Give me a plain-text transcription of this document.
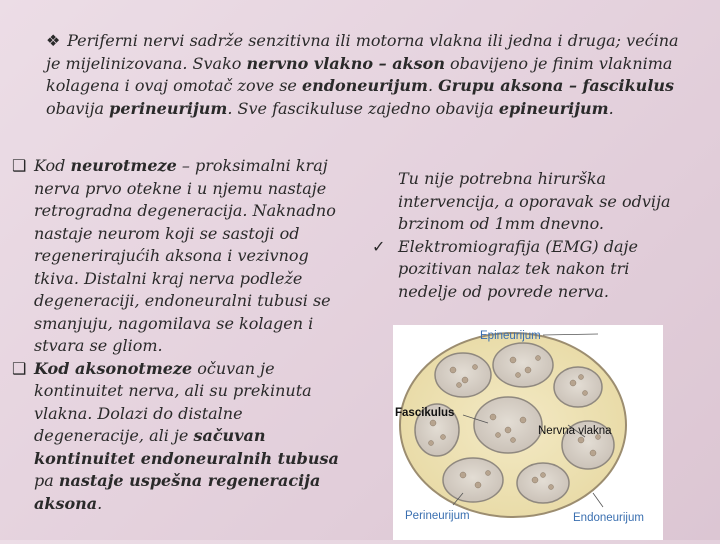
❖ Periferni nervi sadrže senzitivna ili motorna vlakna ili jedna i druga; većina je mijelinizovana. Svako nervno vlakno – akson obavijeno je finim vlaknima kolagena i ovaj omotač zove se endoneurijum. Grupu aksona – fascikulus obavija perineurijum. Sve fascikuluse zajedno obavija epineurijum.
❑ Kod neurotmeze – proksimalni kraj nerva prvo otekne i u njemu nastaje retrogradna degeneracija. Naknadno nastaje neurom koji se sastoji od regenerirajućih aksona i vezivnog tkiva. Distalni kraj nerva podleže degeneraciji, endoneuralni tubusi se smanjuju, nagomilava se kolagen i stvara se gliom.
❑ Kod aksonotmeze očuvan je kontinuitet nerva, ali su prekinuta vlakna. Dolazi do distalne degeneracije, ali je sačuvan kontinuitet endoneuralnih tubusa pa nastaje uspešna regeneracija aksona.
Tu nije potrebna hirurška intervencija, a oporavak se odvija brzinom od 1mm dnevno.
✓ Elektromiografija (EMG) daje pozitivan nalaz tek nakon tri nedelje od povrede nerva.
Epineurijum
Fascikulus
Nervna vlakna
Perineurijum	Endoneurijum
